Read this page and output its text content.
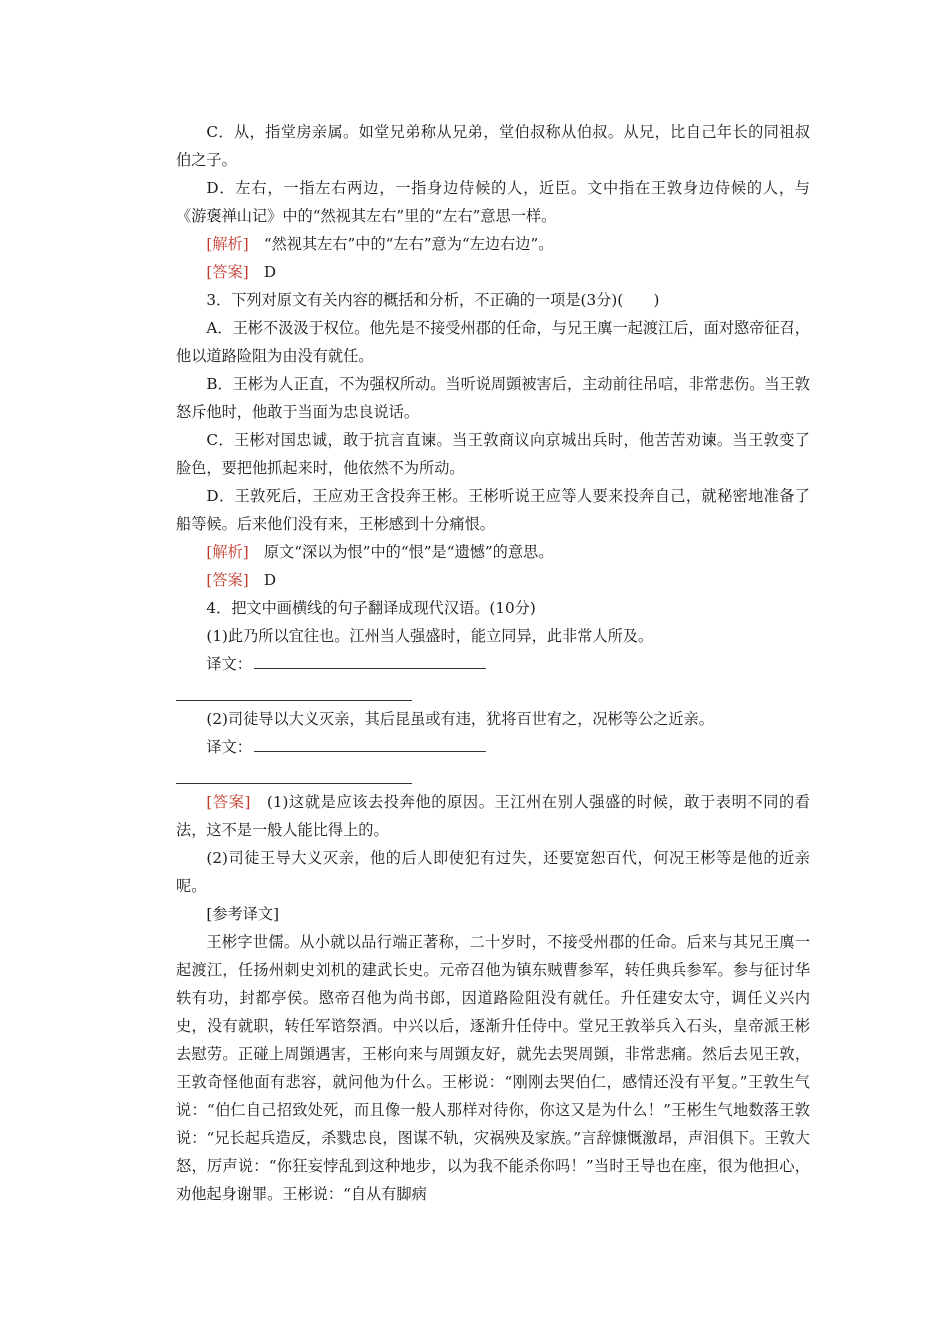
C．从，指堂房亲属。如堂兄弟称从兄弟，堂伯叔称从伯叔。从兄，比自己年长的同祖叔伯之子。

D．左右，一指左右两边，一指身边侍候的人，近臣。文中指在王敦身边侍候的人，与《游褒禅山记》中的“然视其左右”里的“左右”意思一样。

[解析]　“然视其左右”中的“左右”意为“左边右边”。

[答案]　D

3．下列对原文有关内容的概括和分析，不正确的一项是(3分)(　　)

A．王彬不汲汲于权位。他先是不接受州郡的任命，与兄王廙一起渡江后，面对愍帝征召，他以道路险阻为由没有就任。

B．王彬为人正直，不为强权所动。当听说周顗被害后，主动前往吊唁，非常悲伤。当王敦怒斥他时，他敢于当面为忠良说话。

C．王彬对国忠诚，敢于抗言直谏。当王敦商议向京城出兵时，他苦苦劝谏。当王敦变了脸色，要把他抓起来时，他依然不为所动。

D．王敦死后，王应劝王含投奔王彬。王彬听说王应等人要来投奔自己，就秘密地准备了船等候。后来他们没有来，王彬感到十分痛恨。

[解析]　原文“深以为恨”中的“恨”是“遗憾”的意思。

[答案]　D

4．把文中画横线的句子翻译成现代汉语。(10分)

(1)此乃所以宜往也。江州当人强盛时，能立同异，此非常人所及。

译文：

(2)司徒导以大义灭亲，其后昆虽或有违，犹将百世宥之，况彬等公之近亲。

译文：

[答案]　(1)这就是应该去投奔他的原因。王江州在别人强盛的时候，敢于表明不同的看法，这不是一般人能比得上的。

(2)司徒王导大义灭亲，他的后人即使犯有过失，还要宽恕百代，何况王彬等是他的近亲呢。

[参考译文]

王彬字世儒。从小就以品行端正著称，二十岁时，不接受州郡的任命。后来与其兄王廙一起渡江，任扬州刺史刘机的建武长史。元帝召他为镇东贼曹参军，转任典兵参军。参与征讨华轶有功，封都亭侯。愍帝召他为尚书郎，因道路险阻没有就任。升任建安太守，调任义兴内史，没有就职，转任军谘祭酒。中兴以后，逐渐升任侍中。堂兄王敦举兵入石头，皇帝派王彬去慰劳。正碰上周顗遇害，王彬向来与周顗友好，就先去哭周顗，非常悲痛。然后去见王敦，王敦奇怪他面有悲容，就问他为什么。王彬说：“刚刚去哭伯仁，感情还没有平复。”王敦生气说：“伯仁自己招致处死，而且像一般人那样对待你，你这又是为什么！”王彬生气地数落王敦说：“兄长起兵造反，杀戮忠良，图谋不轨，灾祸殃及家族。”言辞慷慨激昂，声泪俱下。王敦大怒，厉声说：“你狂妄悖乱到这种地步，以为我不能杀你吗！”当时王导也在座，很为他担心，劝他起身谢罪。王彬说：“自从有脚病
